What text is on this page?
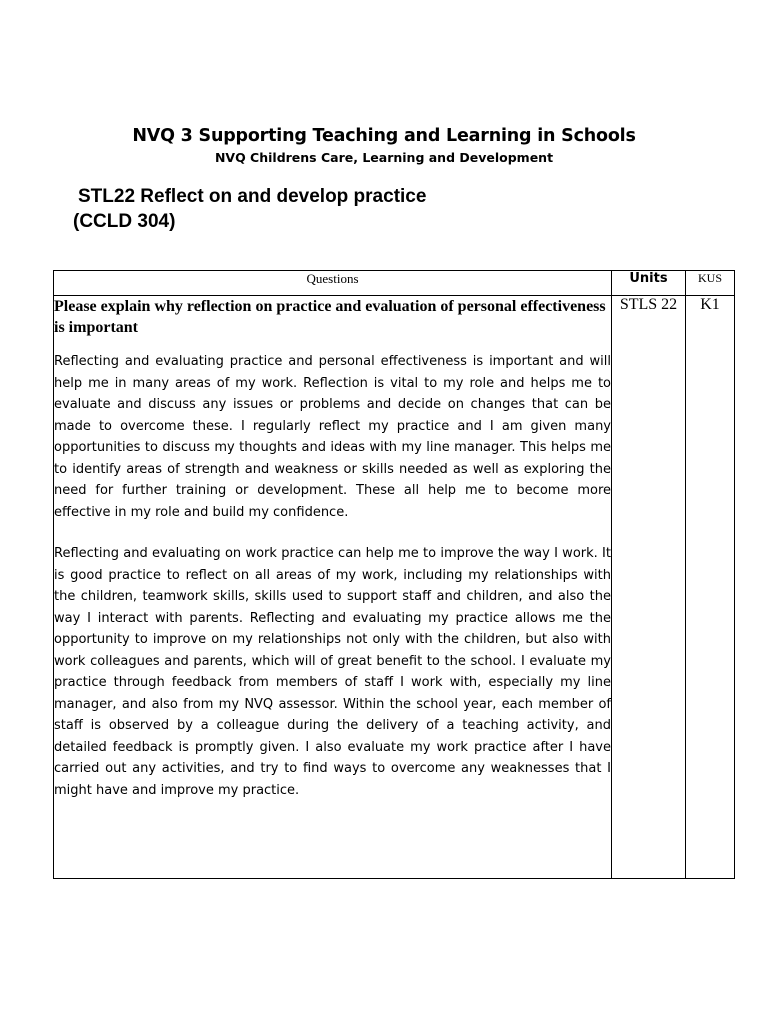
NVQ 3 Supporting Teaching and Learning in Schools
NVQ Childrens Care, Learning and Development
STL22 Reflect on and develop practice
(CCLD 304)
Questions	Units	KUS

Please explain why reflection on practice and evaluation of personal effectiveness is important

Reflecting and evaluating practice and personal effectiveness is important and will help me in many areas of my work. Reflection is vital to my role and helps me to evaluate and discuss any issues or problems and decide on changes that can be made to overcome these. I regularly reflect my practice and I am given many opportunities to discuss my thoughts and ideas with my line manager. This helps me to identify areas of strength and weakness or skills needed as well as exploring the need for further training or development. These all help me to become more effective in my role and build my confidence.

Reflecting and evaluating on work practice can help me to improve the way I work. It is good practice to reflect on all areas of my work, including my relationships with the children, teamwork skills, skills used to support staff and children, and also the way I interact with parents. Reflecting and evaluating my practice allows me the opportunity to improve on my relationships not only with the children, but also with work colleagues and parents, which will of great benefit to the school. I evaluate my practice through feedback from members of staff I work with, especially my line manager, and also from my NVQ assessor. Within the school year, each member of staff is observed by a colleague during the delivery of a teaching activity, and detailed feedback is promptly given. I also evaluate my work practice after I have carried out any activities, and try to find ways to overcome any weaknesses that I might have and improve my practice.	STLS 22	K1
